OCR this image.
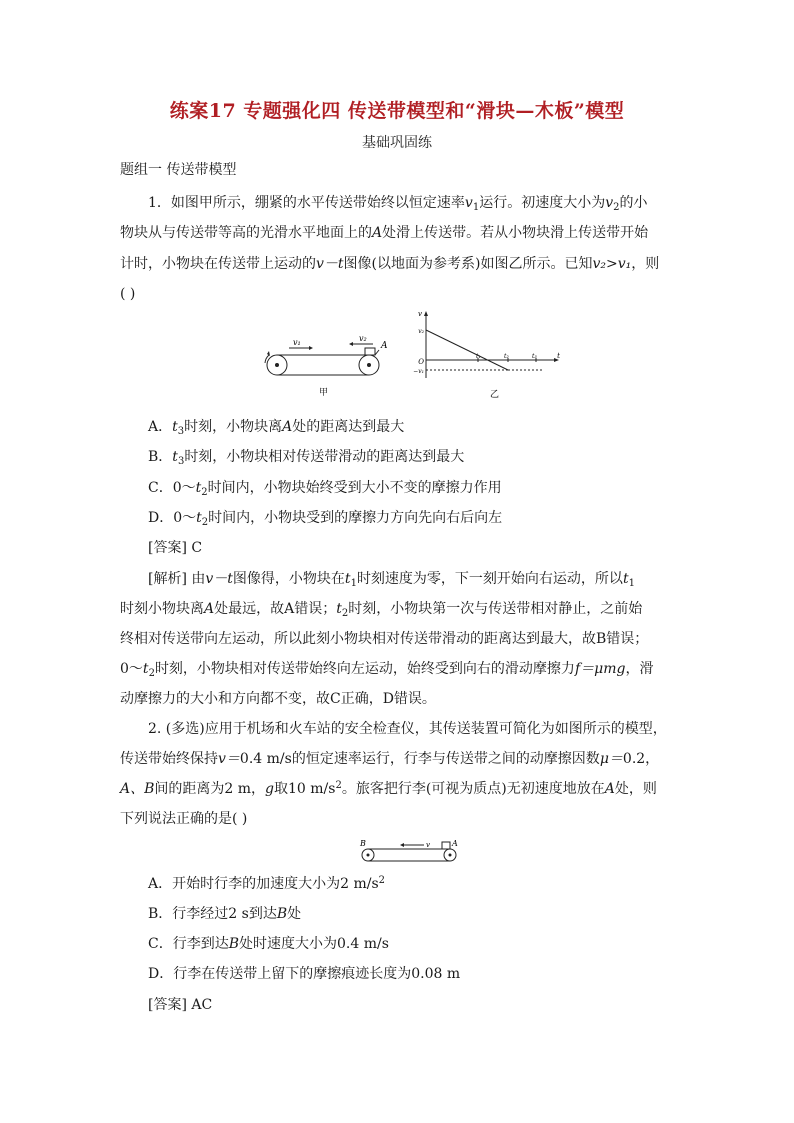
练案17 专题强化四 传送带模型和“滑块—木板”模型
基础巩固练
题组一 传送带模型
1．如图甲所示，绷紧的水平传送带始终以恒定速率$v_1$运行。初速度大小为$v_2$的小
物块从与传送带等高的光滑水平地面上的A处滑上传送带。若从小物块滑上传送带开始
计时，小物块在传送带上运动的v－t图像(以地面为参考系)如图乙所示。已知v₂>v₁，则
( )
v₁	v₂
A
甲
v
t
v₂
O
−v₁
t₁	t₂	t₃
乙
A．$t_3$时刻，小物块离A处的距离达到最大
B．$t_3$时刻，小物块相对传送带滑动的距离达到最大
C．$0\sim t_2$时间内，小物块始终受到大小不变的摩擦力作用
D．$0\sim t_2$时间内，小物块受到的摩擦力方向先向右后向左
[答案] C
[解析] 由v－t图像得，小物块在$t_1$时刻速度为零，下一刻开始向右运动，所以$t_1$
时刻小物块离A处最远，故A错误；$t_2$时刻，小物块第一次与传送带相对静止，之前始
终相对传送带向左运动，所以此刻小物块相对传送带滑动的距离达到最大，故B错误；
$0\sim t_2$时刻，小物块相对传送带始终向左运动，始终受到向右的滑动摩擦力f＝μmg，滑
动摩擦力的大小和方向都不变，故C正确，D错误。
2. (多选)应用于机场和火车站的安全检查仪，其传送装置可简化为如图所示的模型，
传送带始终保持v＝0.4 m/s的恒定速率运行，行李与传送带之间的动摩擦因数μ＝0.2，
A、B间的距离为2 m，g取10 $m/s^2$。旅客把行李(可视为质点)无初速度地放在A处，则
下列说法正确的是( )
B	A
v
A．开始时行李的加速度大小为2 $m/s^2$
B．行李经过2 s到达B处
C．行李到达B处时速度大小为0.4 m/s
D．行李在传送带上留下的摩擦痕迹长度为0.08 m
[答案] AC
